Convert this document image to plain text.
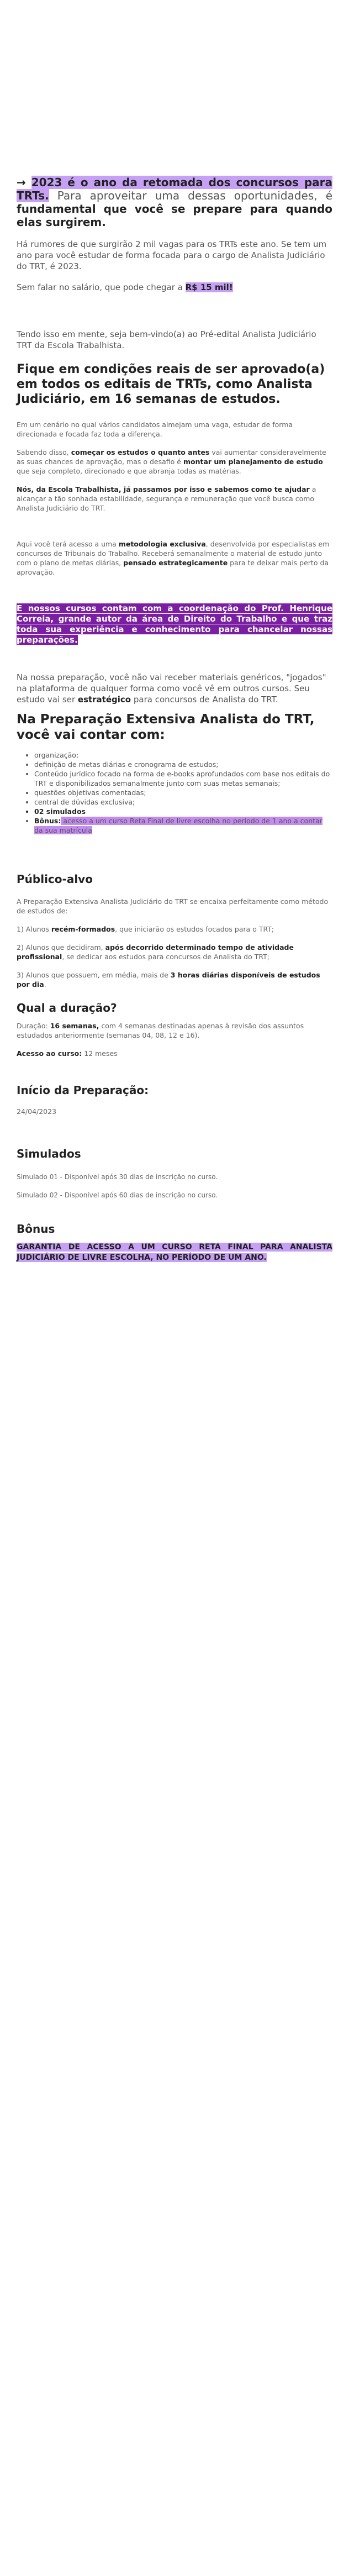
→ 2023 é o ano da retomada dos concursos para TRTs. Para aproveitar uma dessas oportunidades, é fundamental que você se prepare para quando elas surgirem.

Há rumores de que surgirão 2 mil vagas para os TRTs este ano. Se tem um ano para você estudar de forma focada para o cargo de Analista Judiciário do TRT, é 2023.

Sem falar no salário, que pode chegar a R$ 15 mil!

Tendo isso em mente, seja bem-vindo(a) ao Pré-edital Analista Judiciário TRT da Escola Trabalhista.

Fique em condições reais de ser aprovado(a) em todos os editais de TRTs, como Analista Judiciário, em 16 semanas de estudos.

Em um cenário no qual vários candidatos almejam uma vaga, estudar de forma direcionada e focada faz toda a diferença.

Sabendo disso, começar os estudos o quanto antes vai aumentar consideravelmente as suas chances de aprovação, mas o desafio é montar um planejamento de estudo que seja completo, direcionado e que abranja todas as matérias.

Nós, da Escola Trabalhista, já passamos por isso e sabemos como te ajudar a alcançar a tão sonhada estabilidade, segurança e remuneração que você busca como Analista Judiciário do TRT.

Aqui você terá acesso a uma metodologia exclusiva, desenvolvida por especialistas em concursos de Tribunais do Trabalho. Receberá semanalmente o material de estudo junto com o plano de metas diárias, pensado estrategicamente para te deixar mais perto da aprovação.

E nossos cursos contam com a coordenação do Prof. Henrique Correia, grande autor da área de Direito do Trabalho e que traz toda sua experiência e conhecimento para chancelar nossas preparações.

Na nossa preparação, você não vai receber materiais genéricos, "jogados" na plataforma de qualquer forma como você vê em outros cursos. Seu estudo vai ser estratégico para concursos de Analista do TRT.

Na Preparação Extensiva Analista do TRT, você vai contar com:
• organização;
• definição de metas diárias e cronograma de estudos;
• Conteúdo jurídico focado na forma de e-books aprofundados com base nos editais do TRT e disponibilizados semanalmente junto com suas metas semanais;
• questões objetivas comentadas;
• central de dúvidas exclusiva;
• 02 simulados
• Bônus: acesso a um curso Reta Final de livre escolha no período de 1 ano a contar da sua matrícula
Público-alvo

A Preparação Extensiva Analista Judiciário do TRT se encaixa perfeitamente como método de estudos de:

1) Alunos recém-formados, que iniciarão os estudos focados para o TRT;

2) Alunos que decidiram, após decorrido determinado tempo de atividade profissional, se dedicar aos estudos para concursos de Analista do TRT;

3) Alunos que possuem, em média, mais de 3 horas diárias disponíveis de estudos por dia.

Qual a duração?

Duração: 16 semanas, com 4 semanas destinadas apenas à revisão dos assuntos
estudados anteriormente (semanas 04, 08, 12 e 16).

Acesso ao curso: 12 meses

Início da Preparação:

24/04/2023

Simulados

Simulado 01 - Disponível após 30 dias de inscrição no curso.

Simulado 02 - Disponível após 60 dias de inscrição no curso.

Bônus

GARANTIA DE ACESSO A UM CURSO RETA FINAL PARA ANALISTA JUDICIÁRIO DE LIVRE ESCOLHA, NO PERÍODO DE UM ANO.
